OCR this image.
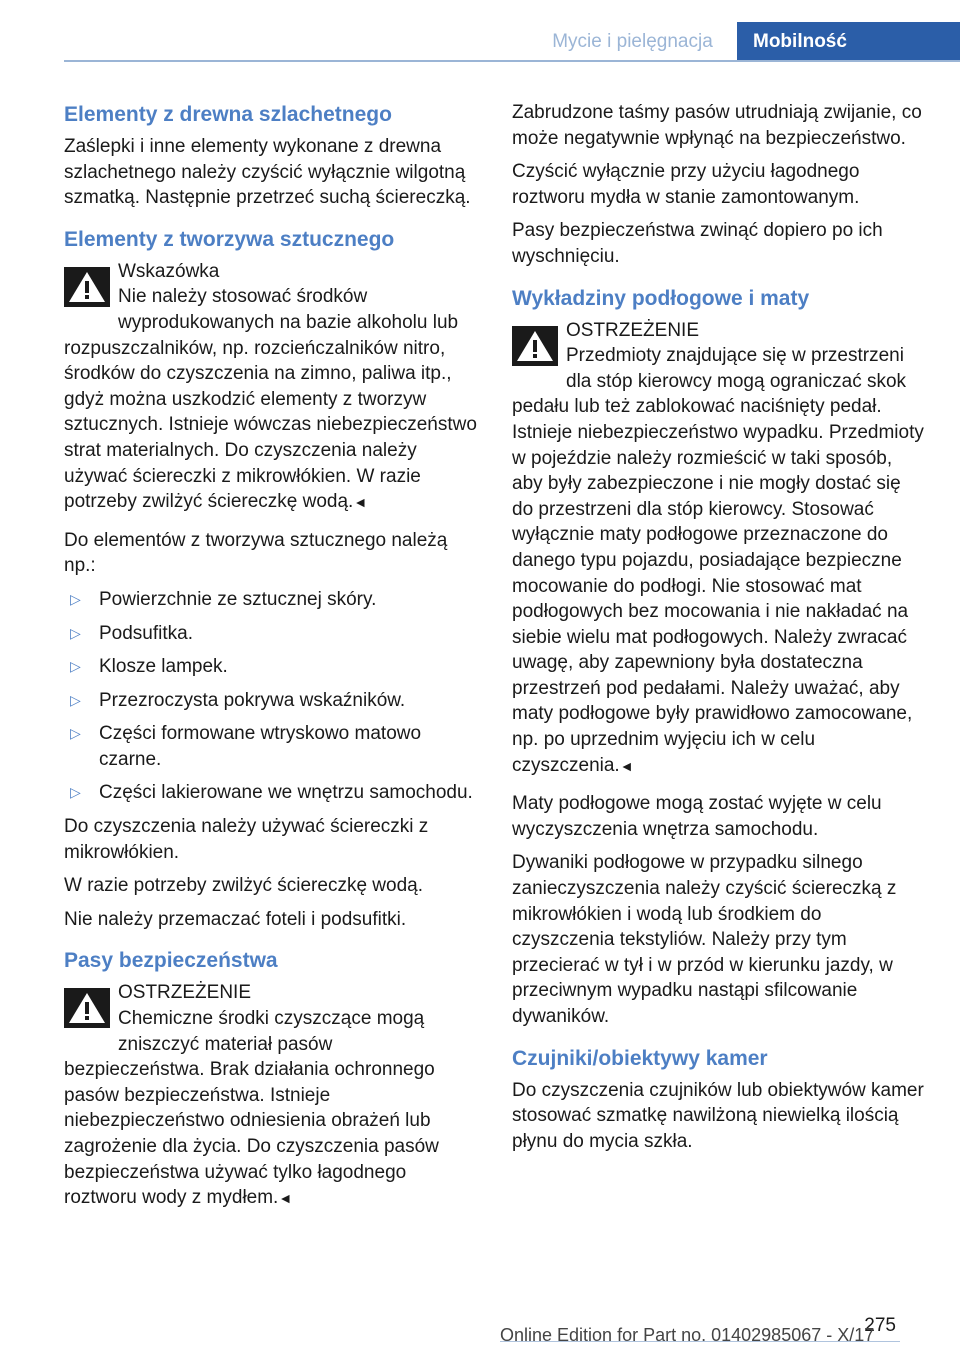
Mycie i pielęgnacja	Mobilność
Elementy z drewna szlachetnego

Zaślepki i inne elementy wykonane z drewna szlachetnego należy czyścić wyłącznie wilgotną szmatką. Następnie przetrzeć suchą ściereczką.

Elementy z tworzywa sztucznego
Wskazówka
Nie należy stosować środków wyprodukowanych na bazie alkoholu lub rozpuszczalników, np. rozcieńczalników nitro, środków do czyszczenia na zimno, paliwa itp., gdyż można uszkodzić elementy z tworzyw sztucznych. Istnieje wówczas niebezpieczeństwo strat materialnych. Do czyszczenia należy używać ściereczki z mikrowłókien. W razie potrzeby zwilżyć ściereczkę wodą.◄

Do elementów z tworzywa sztucznego należą np.:

▷ Powierzchnie ze sztucznej skóry.
▷ Podsufitka.
▷ Klosze lampek.
▷ Przezroczysta pokrywa wskaźników.
▷ Części formowane wtryskowo matowo czarne.
▷ Części lakierowane we wnętrzu samochodu.

Do czyszczenia należy używać ściereczki z mikrowłókien.

W razie potrzeby zwilżyć ściereczkę wodą.

Nie należy przemaczać foteli i podsufitki.

Pasy bezpieczeństwa
OSTRZEŻENIE
Chemiczne środki czyszczące mogą zniszczyć materiał pasów bezpieczeństwa. Brak działania ochronnego pasów bezpieczeństwa. Istnieje niebezpieczeństwo odniesienia obrażeń lub zagrożenie dla życia. Do czyszczenia pasów bezpieczeństwa używać tylko łagodnego roztworu wody z mydłem.◄

Zabrudzone taśmy pasów utrudniają zwijanie, co może negatywnie wpłynąć na bezpieczeństwo.

Czyścić wyłącznie przy użyciu łagodnego roztworu mydła w stanie zamontowanym.

Pasy bezpieczeństwa zwinąć dopiero po ich wyschnięciu.

Wykładziny podłogowe i maty
OSTRZEŻENIE
Przedmioty znajdujące się w przestrzeni dla stóp kierowcy mogą ograniczać skok pedału lub też zablokować naciśnięty pedał. Istnieje niebezpieczeństwo wypadku. Przedmioty w pojeździe należy rozmieścić w taki sposób, aby były zabezpieczone i nie mogły dostać się do przestrzeni dla stóp kierowcy. Stosować wyłącznie maty podłogowe przeznaczone do danego typu pojazdu, posiadające bezpieczne mocowanie do podłogi. Nie stosować mat podłogowych bez mocowania i nie nakładać na siebie wielu mat podłogowych. Należy zwracać uwagę, aby zapewniony była dostateczna przestrzeń pod pedałami. Należy uważać, aby maty podłogowe były prawidłowo zamocowane, np. po uprzednim wyjęciu ich w celu czyszczenia.◄

Maty podłogowe mogą zostać wyjęte w celu wyczyszczenia wnętrza samochodu.

Dywaniki podłogowe w przypadku silnego zanieczyszczenia należy czyścić ściereczką z mikrowłókien i wodą lub środkiem do czyszczenia tekstyliów. Należy przy tym przecierać w tył i w przód w kierunku jazdy, w przeciwnym wypadku nastąpi sfilcowanie dywaników.

Czujniki/obiektywy kamer

Do czyszczenia czujników lub obiektywów kamer stosować szmatkę nawilżoną niewielką ilością płynu do mycia szkła.

275
Online Edition for Part no. 01402985067 - X/17
